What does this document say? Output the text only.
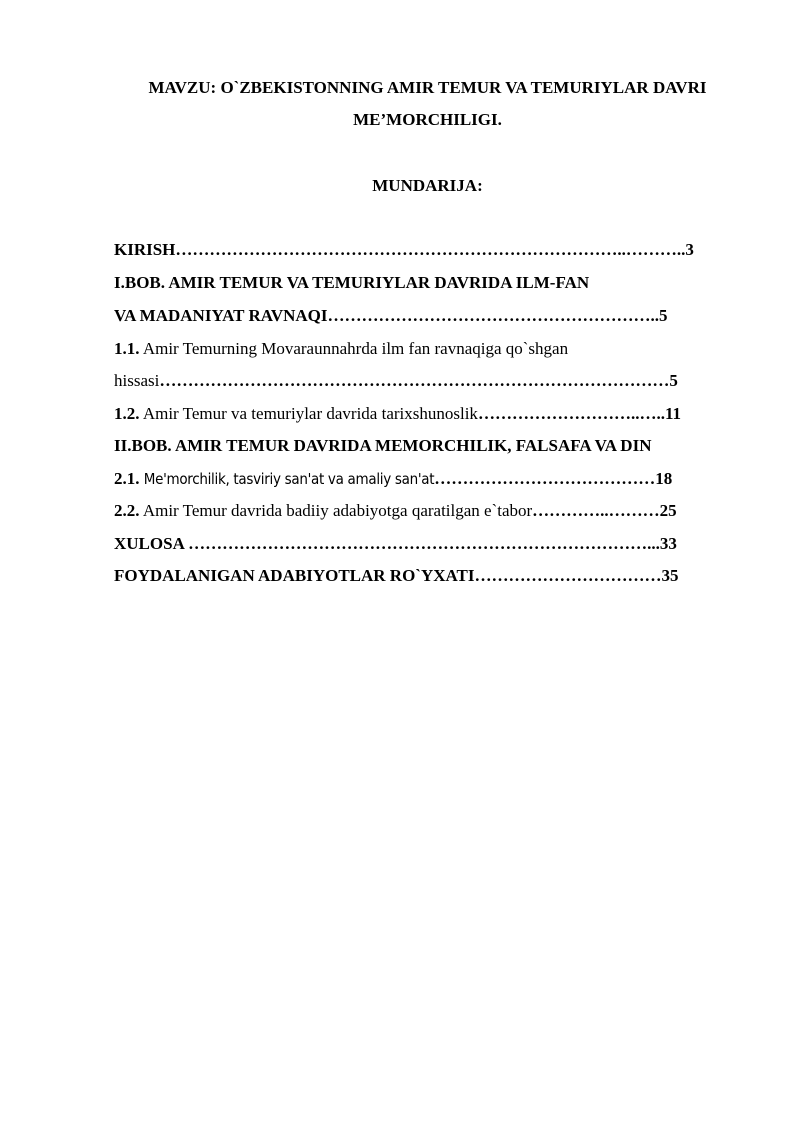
MAVZU: O`ZBEKISTONNING AMIR TEMUR VA TEMURIYLAR DAVRI
ME’MORCHILIGI.
MUNDARIJA:
KIRISH……………………………………………………………………..………..3
I.BOB. AMIR TEMUR VA TEMURIYLAR DAVRIDA ILM-FAN
VA MADANIYAT RAVNAQI…………………………………………………..5
1.1. Amir Temurning Movaraunnahrda ilm fan ravnaqiga qo`shgan
hissasi………………………………………………………………………………5
1.2. Amir Temur va temuriylar davrida tarixshunoslik………………………..…..11
II.BOB. AMIR TEMUR DAVRIDA MEMORCHILIK, FALSAFA VA DIN
2.1. Me'morchilik, tasviriy san'at va amaliy san'at…………………………………18
2.2. Amir Temur davrida badiiy adabiyotga qaratilgan e`tabor…………..………25
XULOSA ………………………………………………………………………...33
FOYDALANIGAN ADABIYOTLAR RO`YXATI……………………………35
